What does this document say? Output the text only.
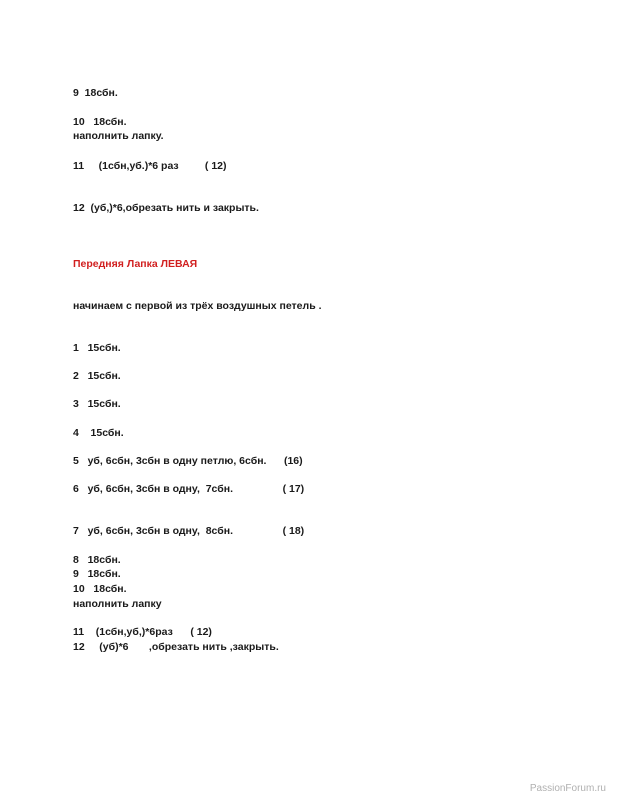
9  18сбн.
10   18сбн.
наполнить лапку.
11     (1сбн,уб.)*6 раз         ( 12)
12  (уб,)*6,обрезать нить и закрыть.
Передняя Лапка ЛЕВАЯ
начинаем с первой из трёх воздушных петель .
1   15сбн.
2   15сбн.
3   15сбн.
4    15сбн.
5   уб, 6сбн, 3сбн в одну петлю, 6сбн.      (16)
6   уб, 6сбн, 3сбн в одну,  7сбн.                 ( 17)
7   уб, 6сбн, 3сбн в одну,  8сбн.                 ( 18)
8   18сбн.
9   18сбн.
10   18сбн.
наполнить лапку
11    (1сбн,уб,)*6раз      ( 12)
12     (уб)*6       ,обрезать нить ,закрыть.
PassionForum.ru
